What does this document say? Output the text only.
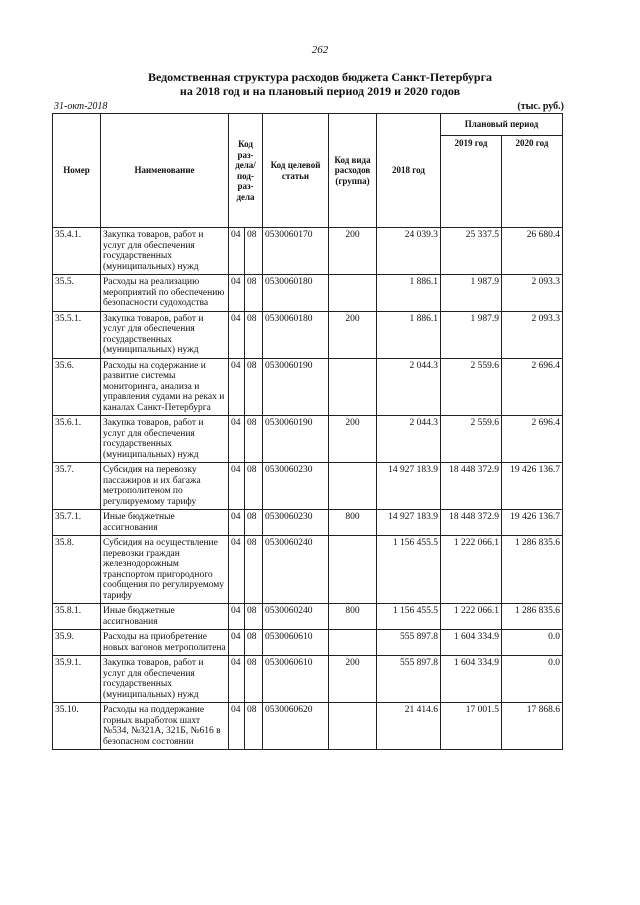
262
Ведомственная структура расходов бюджета Санкт-Петербурга
на 2018 год и на плановый период 2019 и 2020 годов
31-окт-2018	(тыс. руб.)
Номер	Наименование	Код раз-дела/ под-раз-дела		Код целевой статьи	Код вида расходов (группа)	2018 год	Плановый период	
							2019 год	2020 год
35.4.1.	Закупка товаров, работ и услуг для обеспечения государственных (муниципальных) нужд	04	08	0530060170	200	24 039.3	25 337.5	26 680.4
35.5.	Расходы на реализацию мероприятий по обеспечению безопасности судоходства	04	08	0530060180		1 886.1	1 987.9	2 093.3
35.5.1.	Закупка товаров, работ и услуг для обеспечения государственных (муниципальных) нужд	04	08	0530060180	200	1 886.1	1 987.9	2 093.3
35.6.	Расходы на содержание и развитие системы мониторинга, анализа и управления судами на реках и каналах Санкт-Петербурга	04	08	0530060190		2 044.3	2 559.6	2 696.4
35.6.1.	Закупка товаров, работ и услуг для обеспечения государственных (муниципальных) нужд	04	08	0530060190	200	2 044.3	2 559.6	2 696.4
35.7.	Субсидия на перевозку пассажиров и их багажа метрополитеном по регулируемому тарифу	04	08	0530060230		14 927 183.9	18 448 372.9	19 426 136.7
35.7.1.	Иные бюджетные ассигнования	04	08	0530060230	800	14 927 183.9	18 448 372.9	19 426 136.7
35.8.	Субсидия на осуществление перевозки граждан железнодорожным транспортом пригородного сообщения по регулируемому тарифу	04	08	0530060240		1 156 455.5	1 222 066.1	1 286 835.6
35.8.1.	Иные бюджетные ассигнования	04	08	0530060240	800	1 156 455.5	1 222 066.1	1 286 835.6
35.9.	Расходы на приобретение новых вагонов метрополитена	04	08	0530060610		555 897.8	1 604 334.9	0.0
35.9.1.	Закупка товаров, работ и услуг для обеспечения государственных (муниципальных) нужд	04	08	0530060610	200	555 897.8	1 604 334.9	0.0
35.10.	Расходы на поддержание горных выработок шахт №534, №321А, 321Б, №616 в безопасном состоянии	04	08	0530060620		21 414.6	17 001.5	17 868.6
